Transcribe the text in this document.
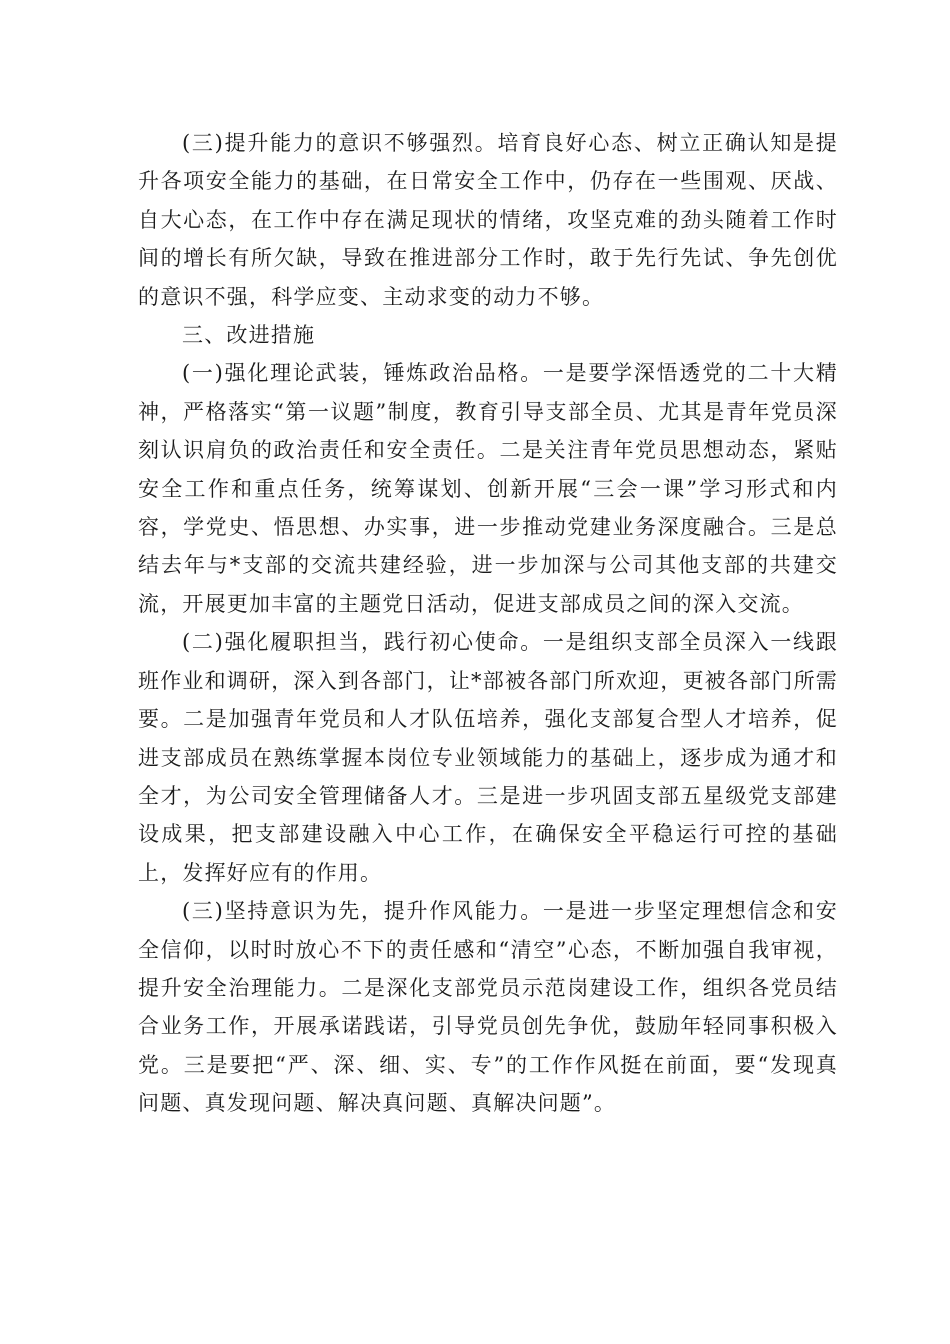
(三)提升能力的意识不够强烈。培育良好心态、树立正确认知是提升各项安全能力的基础，在日常安全工作中，仍存在一些围观、厌战、自大心态，在工作中存在满足现状的情绪，攻坚克难的劲头随着工作时间的增长有所欠缺，导致在推进部分工作时，敢于先行先试、争先创优的意识不强，科学应变、主动求变的动力不够。

三、改进措施

(一)强化理论武装，锤炼政治品格。一是要学深悟透党的二十大精神，严格落实“第一议题”制度，教育引导支部全员、尤其是青年党员深刻认识肩负的政治责任和安全责任。二是关注青年党员思想动态，紧贴安全工作和重点任务，统筹谋划、创新开展“三会一课”学习形式和内容，学党史、悟思想、办实事，进一步推动党建业务深度融合。三是总结去年与*支部的交流共建经验，进一步加深与公司其他支部的共建交流，开展更加丰富的主题党日活动，促进支部成员之间的深入交流。

(二)强化履职担当，践行初心使命。一是组织支部全员深入一线跟班作业和调研，深入到各部门，让*部被各部门所欢迎，更被各部门所需要。二是加强青年党员和人才队伍培养，强化支部复合型人才培养，促进支部成员在熟练掌握本岗位专业领域能力的基础上，逐步成为通才和全才，为公司安全管理储备人才。三是进一步巩固支部五星级党支部建设成果，把支部建设融入中心工作，在确保安全平稳运行可控的基础上，发挥好应有的作用。

(三)坚持意识为先，提升作风能力。一是进一步坚定理想信念和安全信仰，以时时放心不下的责任感和“清空”心态，不断加强自我审视，提升安全治理能力。二是深化支部党员示范岗建设工作，组织各党员结合业务工作，开展承诺践诺，引导党员创先争优，鼓励年轻同事积极入党。三是要把“严、深、细、实、专”的工作作风挺在前面，要“发现真问题、真发现问题、解决真问题、真解决问题”。
